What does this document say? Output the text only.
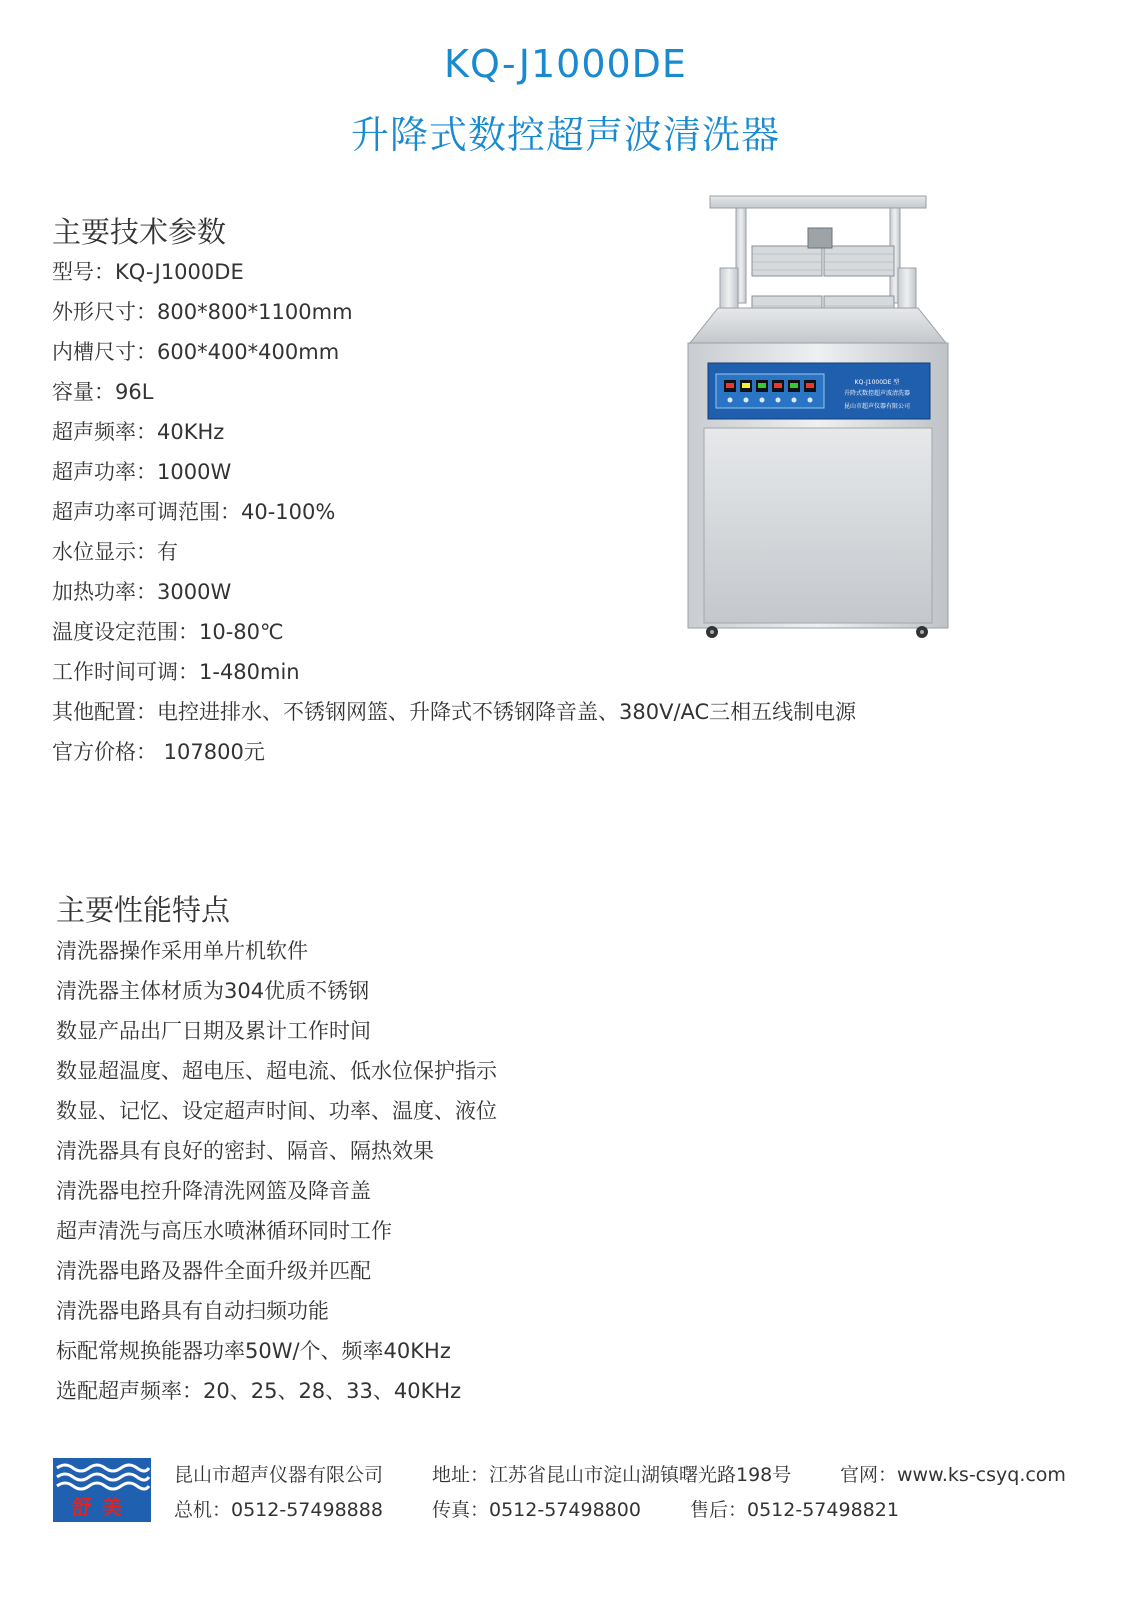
KQ-J1000DE
升降式数控超声波清洗器
主要技术参数
型号：KQ-J1000DE
外形尺寸：800*800*1100mm
内槽尺寸：600*400*400mm
容量：96L
超声频率：40KHz
超声功率：1000W
超声功率可调范围：40-100%
水位显示：有
加热功率：3000W
温度设定范围：10-80℃
工作时间可调：1-480min
其他配置：电控进排水、不锈钢网篮、升降式不锈钢降音盖、380V/AC三相五线制电源
官方价格： 107800元
KQ-J1000DE 型
升降式数控超声波清洗器
昆山市超声仪器有限公司
主要性能特点
清洗器操作采用单片机软件
清洗器主体材质为304优质不锈钢
数显产品出厂日期及累计工作时间
数显超温度、超电压、超电流、低水位保护指示
数显、记忆、设定超声时间、功率、温度、液位
清洗器具有良好的密封、隔音、隔热效果
清洗器电控升降清洗网篮及降音盖
超声清洗与高压水喷淋循环同时工作
清洗器电路及器件全面升级并匹配
清洗器电路具有自动扫频功能
标配常规换能器功率50W/个、频率40KHz
选配超声频率：20、25、28、33、40KHz
舒美
昆山市超声仪器有限公司	地址：江苏省昆山市淀山湖镇曙光路198号	官网：www.ks-csyq.com
总机：0512-57498888	传真：0512-57498800	售后：0512-57498821
